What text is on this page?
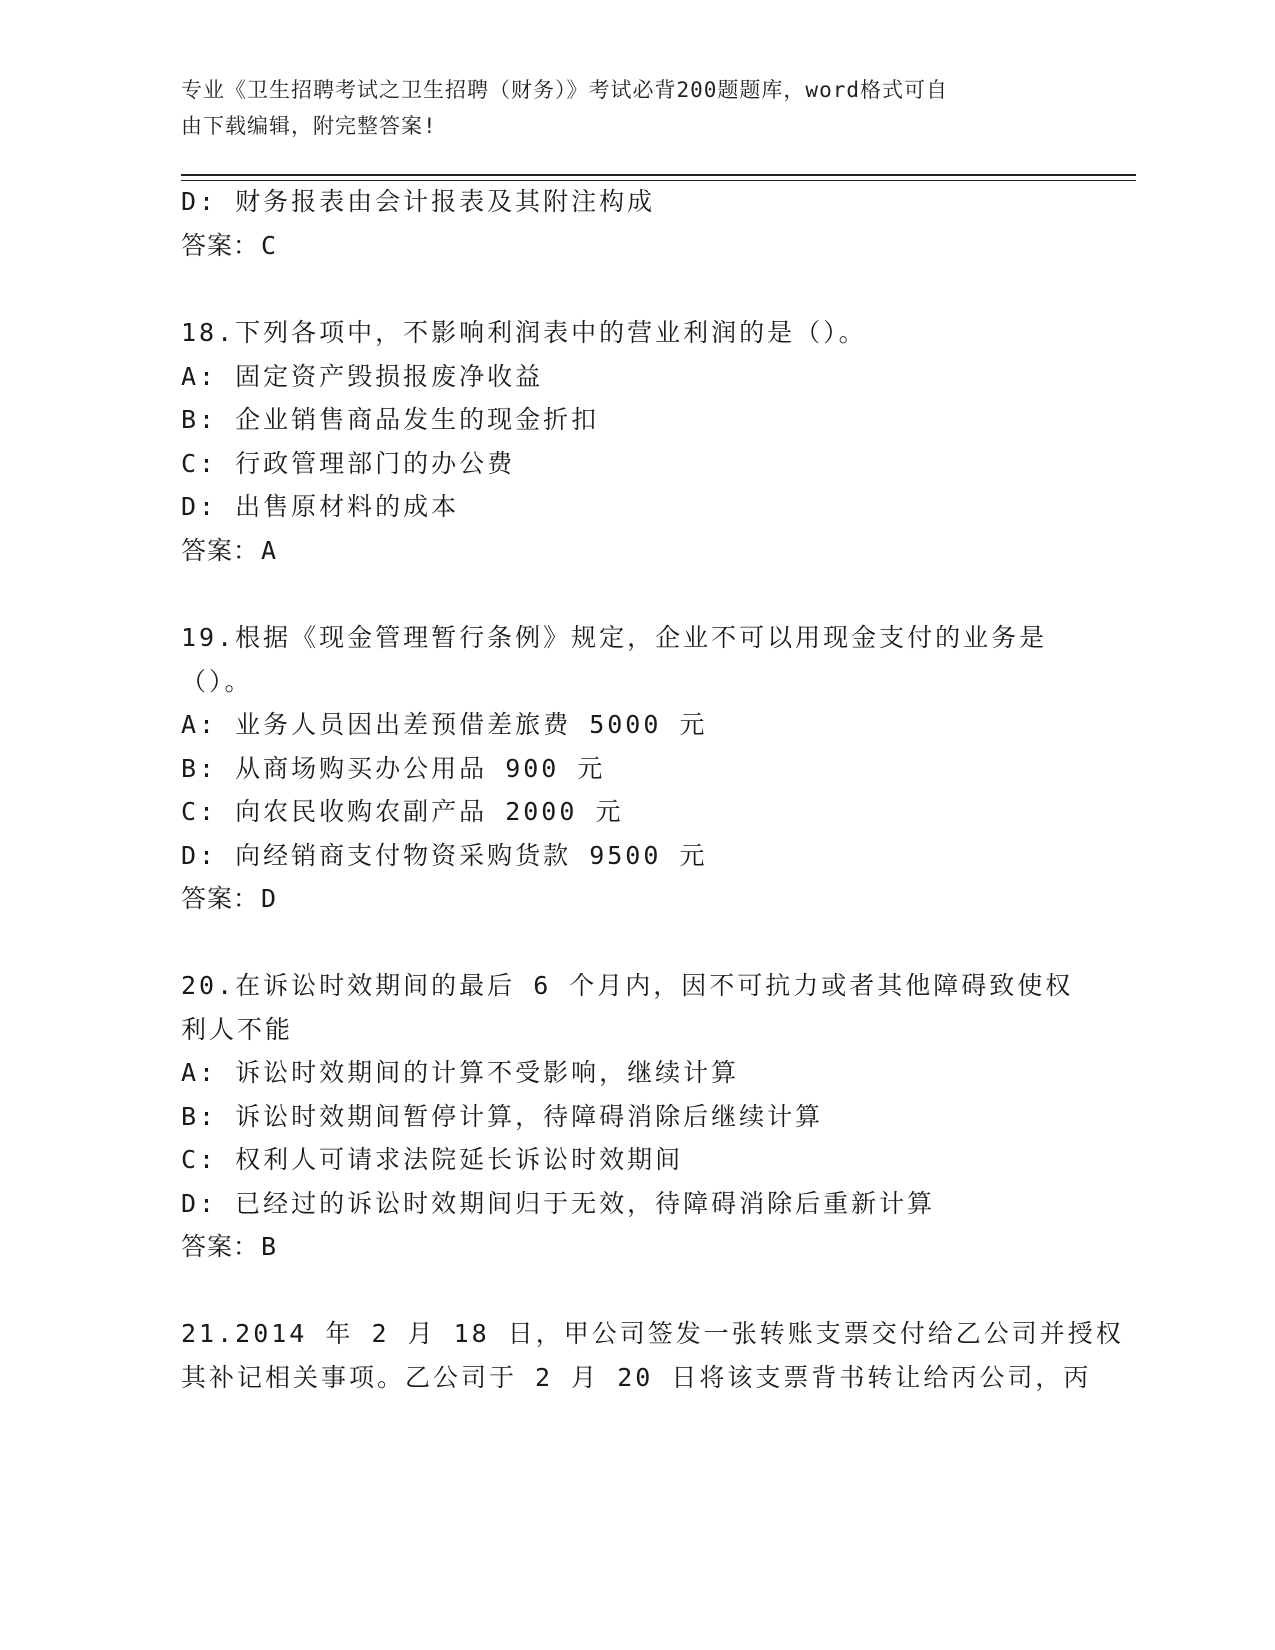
专业《卫生招聘考试之卫生招聘（财务）》考试必背200题题库，word格式可自
由下载编辑，附完整答案!
D: 财务报表由会计报表及其附注构成
答案：C
18.下列各项中，不影响利润表中的营业利润的是（）。
A: 固定资产毁损报废净收益
B: 企业销售商品发生的现金折扣
C: 行政管理部门的办公费
D: 出售原材料的成本
答案：A
19.根据《现金管理暂行条例》规定，企业不可以用现金支付的业务是
（）。
A: 业务人员因出差预借差旅费 5000 元
B: 从商场购买办公用品 900 元
C: 向农民收购农副产品 2000 元
D: 向经销商支付物资采购货款 9500 元
答案：D
20.在诉讼时效期间的最后 6 个月内，因不可抗力或者其他障碍致使权
利人不能
A: 诉讼时效期间的计算不受影响，继续计算
B: 诉讼时效期间暂停计算，待障碍消除后继续计算
C: 权利人可请求法院延长诉讼时效期间
D: 已经过的诉讼时效期间归于无效，待障碍消除后重新计算
答案：B
21.2014 年 2 月 18 日，甲公司签发一张转账支票交付给乙公司并授权
其补记相关事项。乙公司于 2 月 20 日将该支票背书转让给丙公司，丙
